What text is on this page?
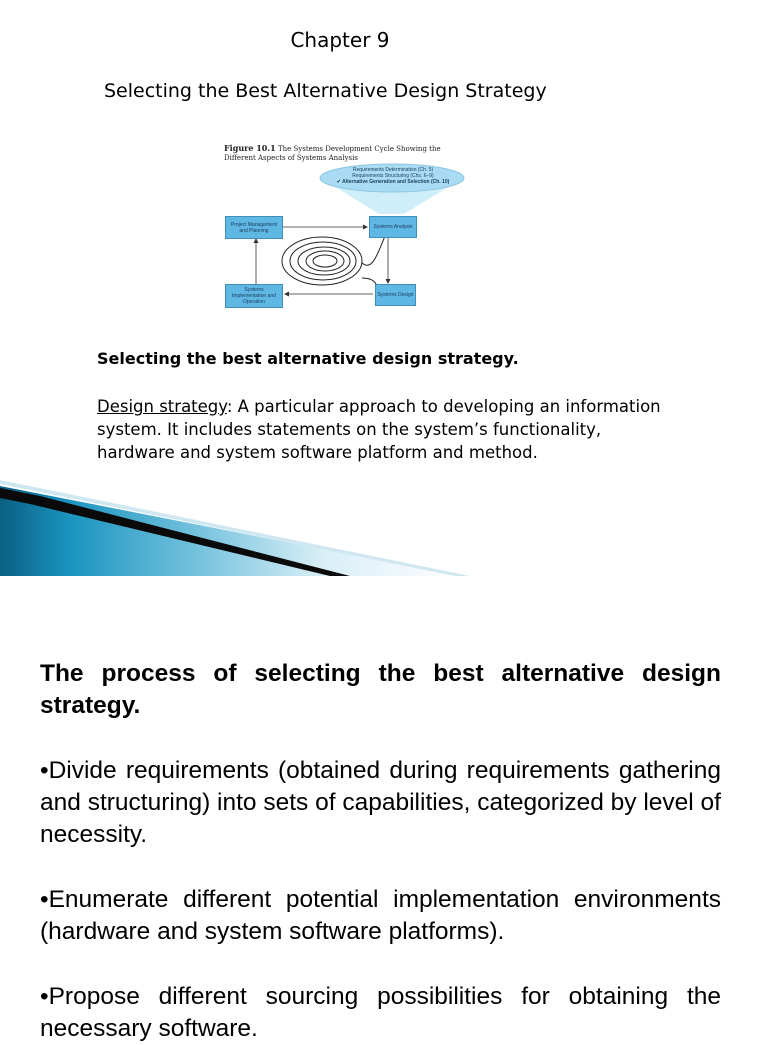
Chapter 9
Selecting the Best Alternative Design Strategy
Figure 10.1 The Systems Development Cycle Showing the Different Aspects of Systems Analysis
Requirements Determination (Ch. 5)
Requirements Structuring (Chs. 6–9)
✔ Alternative Generation and Selection (Ch. 10)
Project Management and Planning
Systems Analysis
Systems Implementation and Operation
Systems Design
Selecting the best alternative design strategy.
Design strategy: A particular approach to developing an information system. It includes statements on the system’s functionality, hardware and system software platform and method.
The process of selecting the best alternative design strategy.
•Divide requirements (obtained during requirements gathering and structuring) into sets of capabilities, categorized by level of necessity.
•Enumerate different potential implementation environments (hardware and system software platforms).
•Propose different sourcing possibilities for obtaining the necessary software.
